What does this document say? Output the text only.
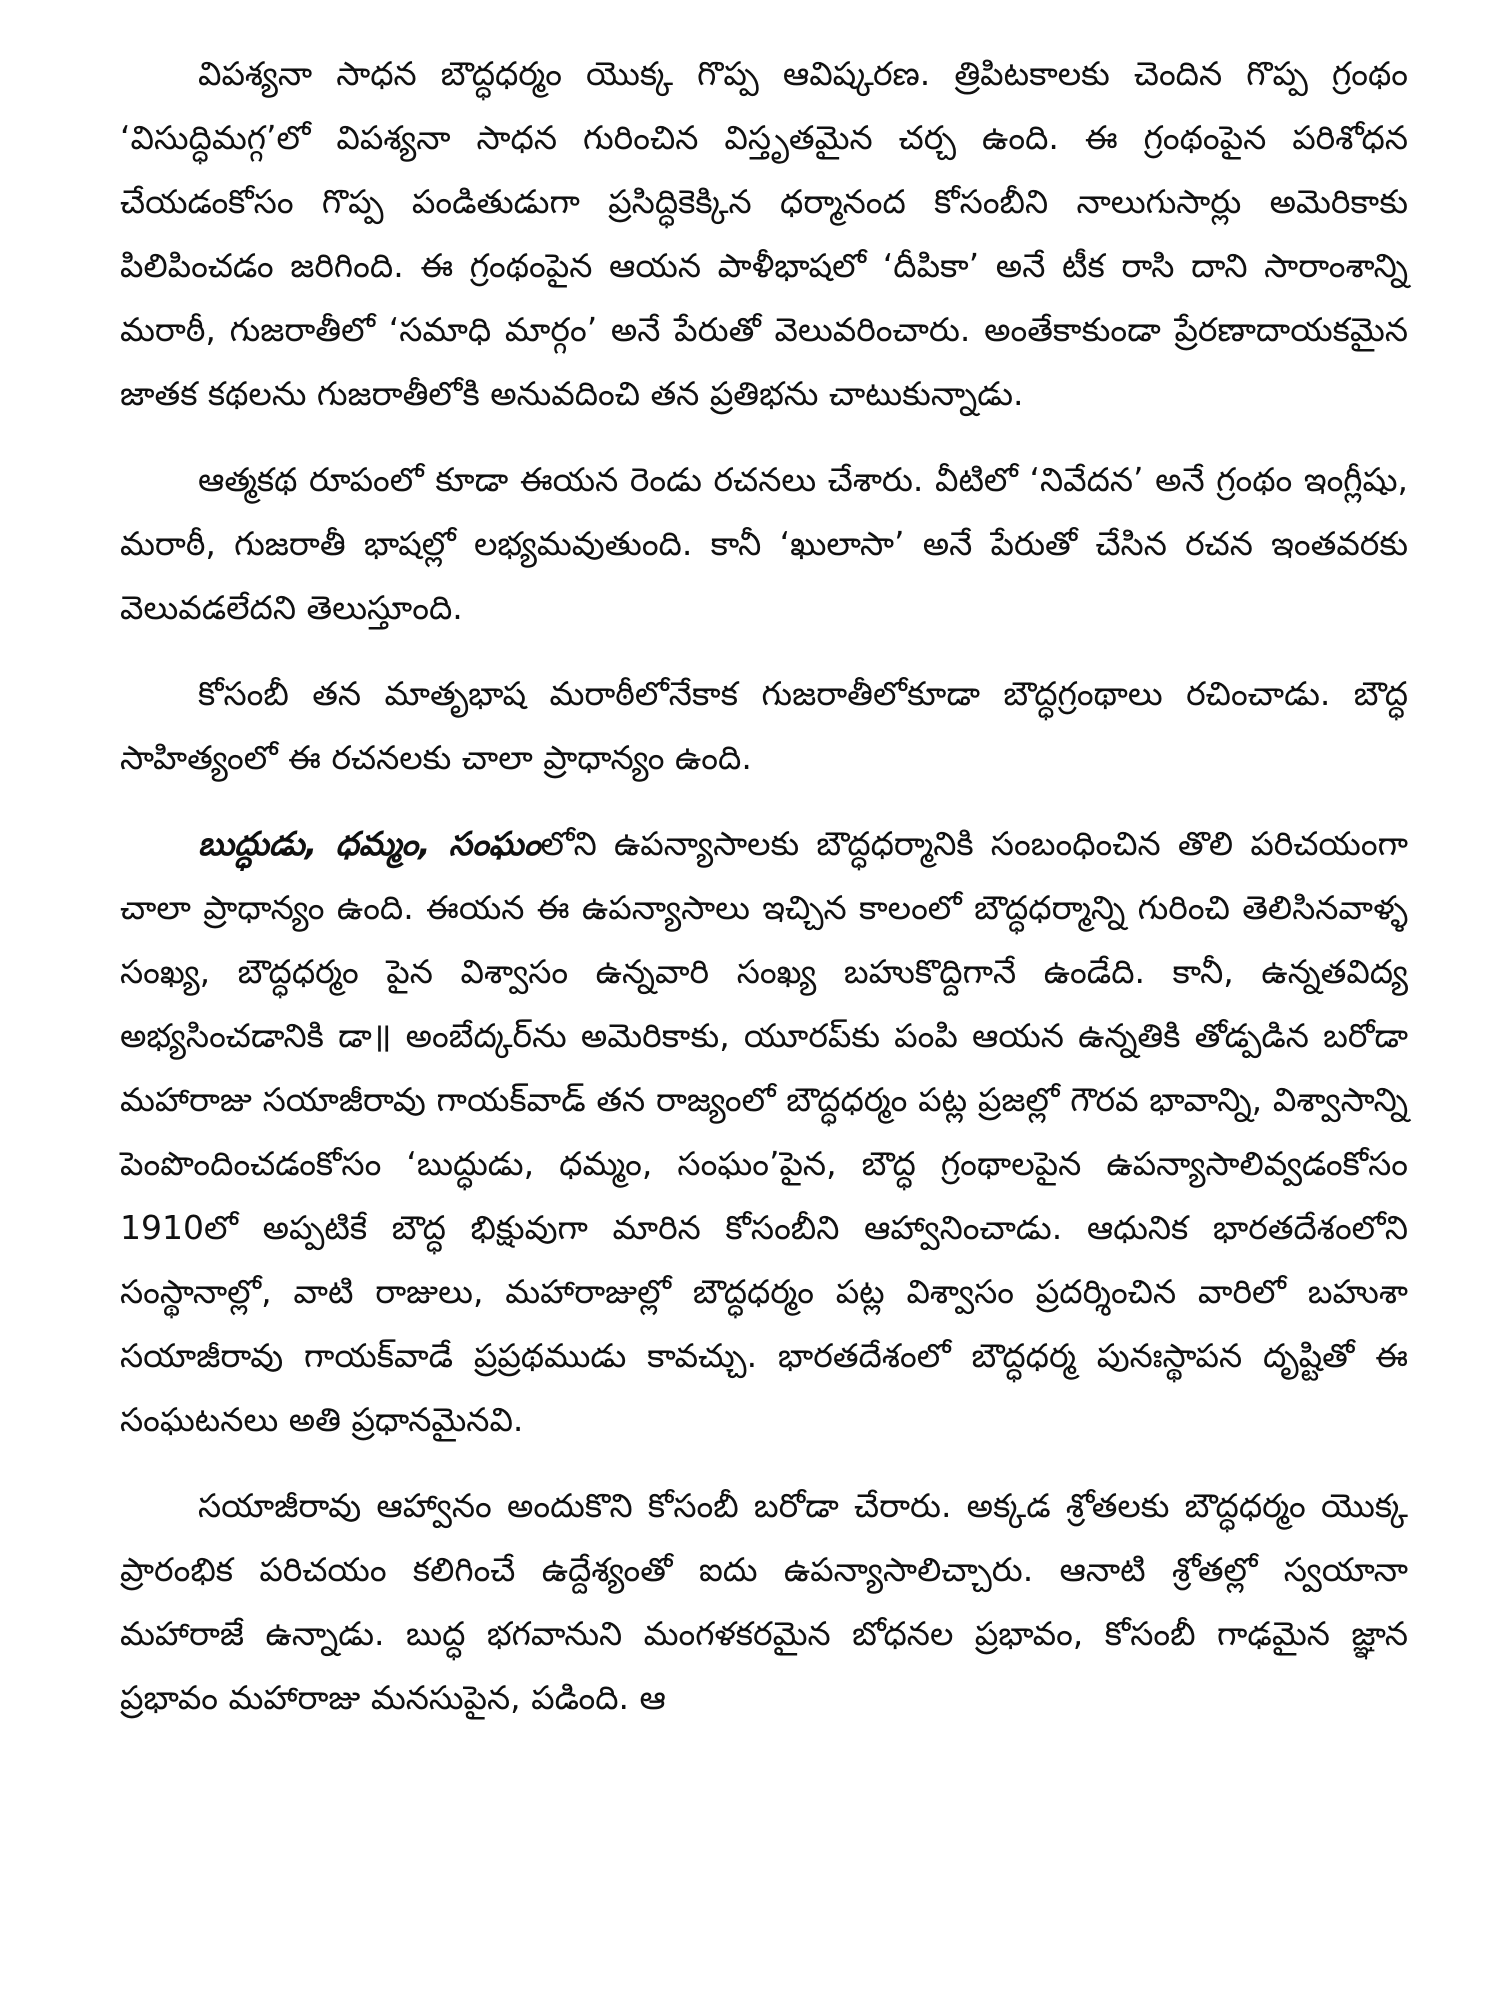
విపశ్యనా సాధన బౌద్ధధర్మం యొక్క గొప్ప ఆవిష్కరణ. త్రిపిటకాలకు చెందిన గొప్ప గ్రంథం ‘విసుద్ధిమగ్గ’లో విపశ్యనా సాధన గురించిన విస్తృతమైన చర్చ ఉంది. ఈ గ్రంథంపైన పరిశోధన చేయడంకోసం గొప్ప పండితుడుగా ప్రసిద్ధికెక్కిన ధర్మానంద కోసంబీని నాలుగుసార్లు అమెరికాకు పిలిపించడం జరిగింది. ఈ గ్రంథంపైన ఆయన పాళీభాషలో ‘దీపికా’ అనే టీక రాసి దాని సారాంశాన్ని మరాఠీ, గుజరాతీలో ‘సమాధి మార్గం’ అనే పేరుతో వెలువరించారు. అంతేకాకుండా ప్రేరణాదాయకమైన జాతక కథలను గుజరాతీలోకి అనువదించి తన ప్రతిభను చాటుకున్నాడు.

ఆత్మకథ రూపంలో కూడా ఈయన రెండు రచనలు చేశారు. వీటిలో ‘నివేదన’ అనే గ్రంథం ఇంగ్లీషు, మరాఠీ, గుజరాతీ భాషల్లో లభ్యమవుతుంది. కానీ ‘ఖులాసా’ అనే పేరుతో చేసిన రచన ఇంతవరకు వెలువడలేదని తెలుస్తూంది.

కోసంబీ తన మాతృభాష మరాఠీలోనేకాక గుజరాతీలోకూడా బౌద్ధగ్రంథాలు రచించాడు. బౌద్ధ సాహిత్యంలో ఈ రచనలకు చాలా ప్రాధాన్యం ఉంది.

బుద్ధుడు, ధమ్మం, సంఘంలోని ఉపన్యాసాలకు బౌద్ధధర్మానికి సంబంధించిన తొలి పరిచయంగా చాలా ప్రాధాన్యం ఉంది. ఈయన ఈ ఉపన్యాసాలు ఇచ్చిన కాలంలో బౌద్ధధర్మాన్ని గురించి తెలిసినవాళ్ళ సంఖ్య, బౌద్ధధర్మం పైన విశ్వాసం ఉన్నవారి సంఖ్య బహుకొద్దిగానే ఉండేది. కానీ, ఉన్నతవిద్య అభ్యసించడానికి డా॥ అంబేద్కర్‌ను అమెరికాకు, యూరప్‌కు పంపి ఆయన ఉన్నతికి తోడ్పడిన బరోడా మహారాజు సయాజీరావు గాయక్‌వాడ్ తన రాజ్యంలో బౌద్ధధర్మం పట్ల ప్రజల్లో గౌరవ భావాన్ని, విశ్వాసాన్ని పెంపొందించడంకోసం ‘బుద్ధుడు, ధమ్మం, సంఘం’పైన, బౌద్ధ గ్రంథాలపైన ఉపన్యాసాలివ్వడంకోసం 1910లో అప్పటికే బౌద్ధ భిక్షువుగా మారిన కోసంబీని ఆహ్వానించాడు. ఆధునిక భారతదేశంలోని సంస్థానాల్లో, వాటి రాజులు, మహారాజుల్లో బౌద్ధధర్మం పట్ల విశ్వాసం ప్రదర్శించిన వారిలో బహుశా సయాజీరావు గాయక్‌వాడే ప్రప్రథముడు కావచ్చు. భారతదేశంలో బౌద్ధధర్మ పునఃస్థాపన దృష్టితో ఈ సంఘటనలు అతి ప్రధానమైనవి.

సయాజీరావు ఆహ్వానం అందుకొని కోసంబీ బరోడా చేరారు. అక్కడ శ్రోతలకు బౌద్ధధర్మం యొక్క ప్రారంభిక పరిచయం కలిగించే ఉద్దేశ్యంతో ఐదు ఉపన్యాసాలిచ్చారు. ఆనాటి శ్రోతల్లో స్వయానా మహారాజే ఉన్నాడు. బుద్ధ భగవానుని మంగళకరమైన బోధనల ప్రభావం, కోసంబీ గాఢమైన జ్ఞాన ప్రభావం మహారాజు మనసుపైన, పడింది. ఆ
